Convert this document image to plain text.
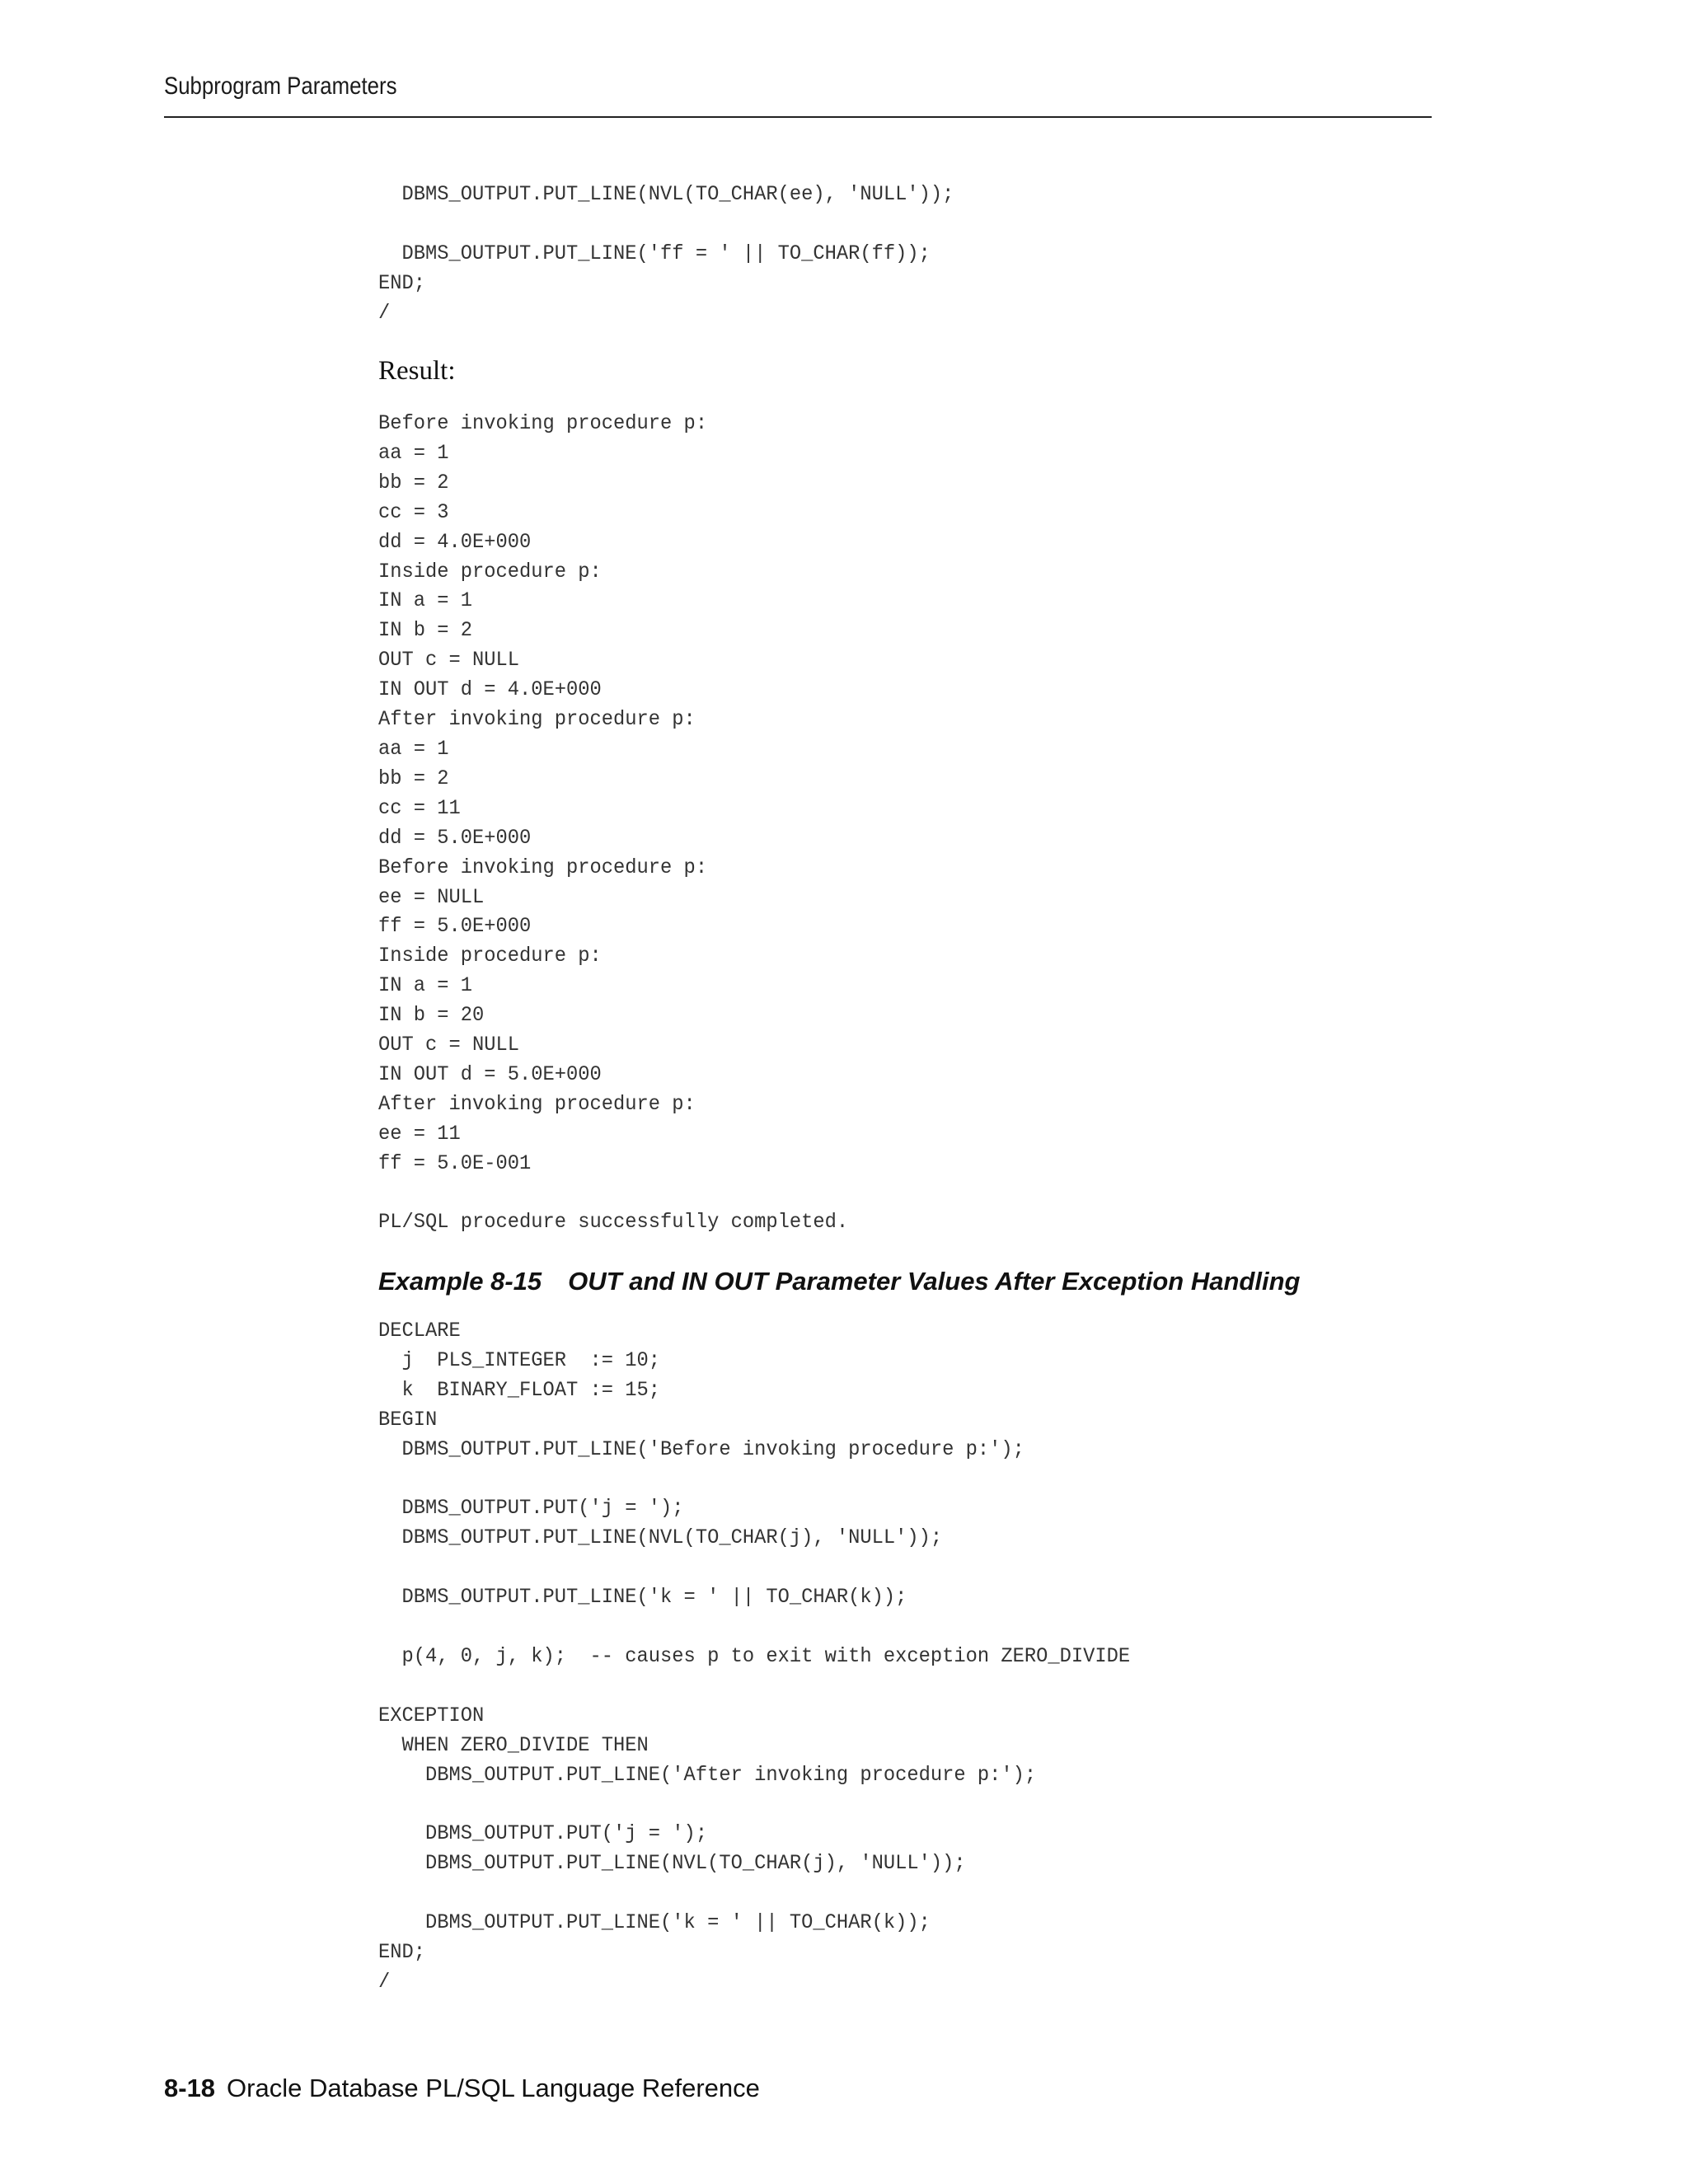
Subprogram Parameters
DBMS_OUTPUT.PUT_LINE(NVL(TO_CHAR(ee), 'NULL'));

DBMS_OUTPUT.PUT_LINE('ff = ' || TO_CHAR(ff));
END;
/
Result:
Before invoking procedure p:
aa = 1
bb = 2
cc = 3
dd = 4.0E+000
Inside procedure p:
IN a = 1
IN b = 2
OUT c = NULL
IN OUT d = 4.0E+000
After invoking procedure p:
aa = 1
bb = 2
cc = 11
dd = 5.0E+000
Before invoking procedure p:
ee = NULL
ff = 5.0E+000
Inside procedure p:
IN a = 1
IN b = 20
OUT c = NULL
IN OUT d = 5.0E+000
After invoking procedure p:
ee = 11
ff = 5.0E-001

PL/SQL procedure successfully completed.
Example 8-15 OUT and IN OUT Parameter Values After Exception Handling
DECLARE
j  PLS_INTEGER  := 10;
k  BINARY_FLOAT := 15;
BEGIN
DBMS_OUTPUT.PUT_LINE('Before invoking procedure p:');

DBMS_OUTPUT.PUT('j = ');
DBMS_OUTPUT.PUT_LINE(NVL(TO_CHAR(j), 'NULL'));

DBMS_OUTPUT.PUT_LINE('k = ' || TO_CHAR(k));

p(4, 0, j, k);  -- causes p to exit with exception ZERO_DIVIDE

EXCEPTION
WHEN ZERO_DIVIDE THEN
DBMS_OUTPUT.PUT_LINE('After invoking procedure p:');

DBMS_OUTPUT.PUT('j = ');
DBMS_OUTPUT.PUT_LINE(NVL(TO_CHAR(j), 'NULL'));

DBMS_OUTPUT.PUT_LINE('k = ' || TO_CHAR(k));
END;
/
8-18 Oracle Database PL/SQL Language Reference
